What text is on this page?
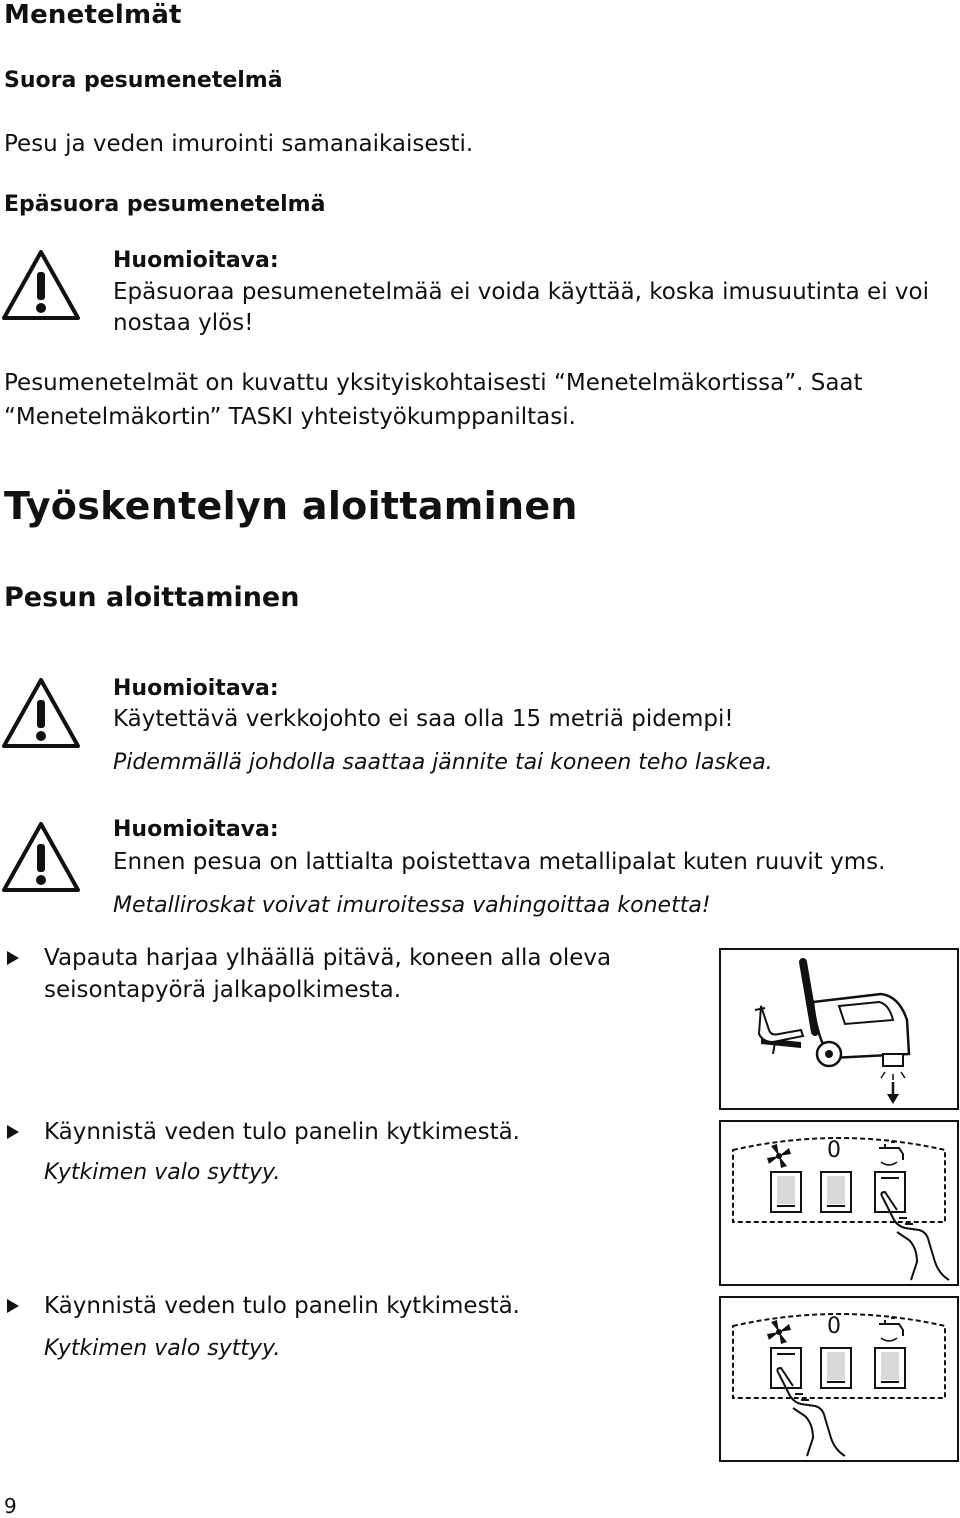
Menetelmät
Suora pesumenetelmä
Pesu ja veden imurointi samanaikaisesti.
Epäsuora pesumenetelmä
Huomioitava:
Epäsuoraa pesumenetelmää ei voida käyttää, koska imusuutinta ei voi
nostaa ylös!
Pesumenetelmät on kuvattu yksityiskohtaisesti “Menetelmäkortissa”. Saat
“Menetelmäkortin” TASKI yhteistyökumppaniltasi.
Työskentelyn aloittaminen
Pesun aloittaminen
Huomioitava:
Käytettävä verkkojohto ei saa olla 15 metriä pidempi!
Pidemmällä johdolla saattaa jännite tai koneen teho laskea.
Huomioitava:
Ennen pesua on lattialta poistettava metallipalat kuten ruuvit yms.
Metalliroskat voivat imuroitessa vahingoittaa konetta!
Vapauta harjaa ylhäällä pitävä, koneen alla oleva
seisontapyörä jalkapolkimesta.
Käynnistä veden tulo panelin kytkimestä.
Kytkimen valo syttyy.
0
Käynnistä veden tulo panelin kytkimestä.
Kytkimen valo syttyy.
0
9
